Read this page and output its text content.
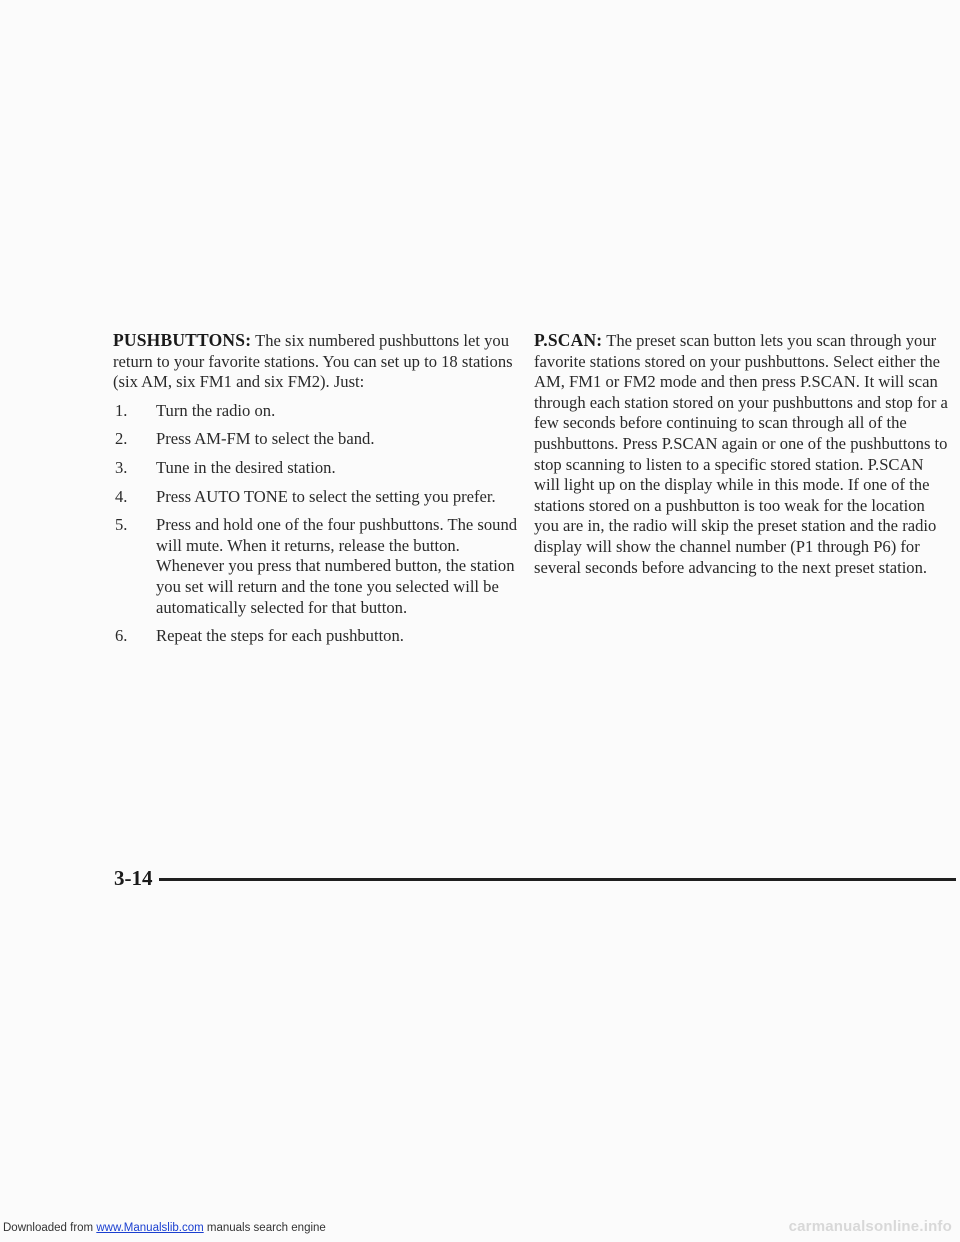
PUSHBUTTONS: The six numbered pushbuttons let you return to your favorite stations. You can set up to 18 stations (six AM, six FM1 and six FM2). Just:

1.	Turn the radio on.
2.	Press AM-FM to select the band.
3.	Tune in the desired station.
4.	Press AUTO TONE to select the setting you prefer.
5.	Press and hold one of the four pushbuttons. The sound will mute. When it returns, release the button. Whenever you press that numbered button, the station you set will return and the tone you selected will be automatically selected for that button.
6.	Repeat the steps for each pushbutton.

P.SCAN: The preset scan button lets you scan through your favorite stations stored on your pushbuttons. Select either the AM, FM1 or FM2 mode and then press P.SCAN. It will scan through each station stored on your pushbuttons and stop for a few seconds before continuing to scan through all of the pushbuttons. Press P.SCAN again or one of the pushbuttons to stop scanning to listen to a specific stored station. P.SCAN will light up on the display while in this mode. If one of the stations stored on a pushbutton is too weak for the location you are in, the radio will skip the preset station and the radio display will show the channel number (P1 through P6) for several seconds before advancing to the next preset station.

3-14
Downloaded from www.Manualslib.com manuals search engine	carmanualsonline.info
